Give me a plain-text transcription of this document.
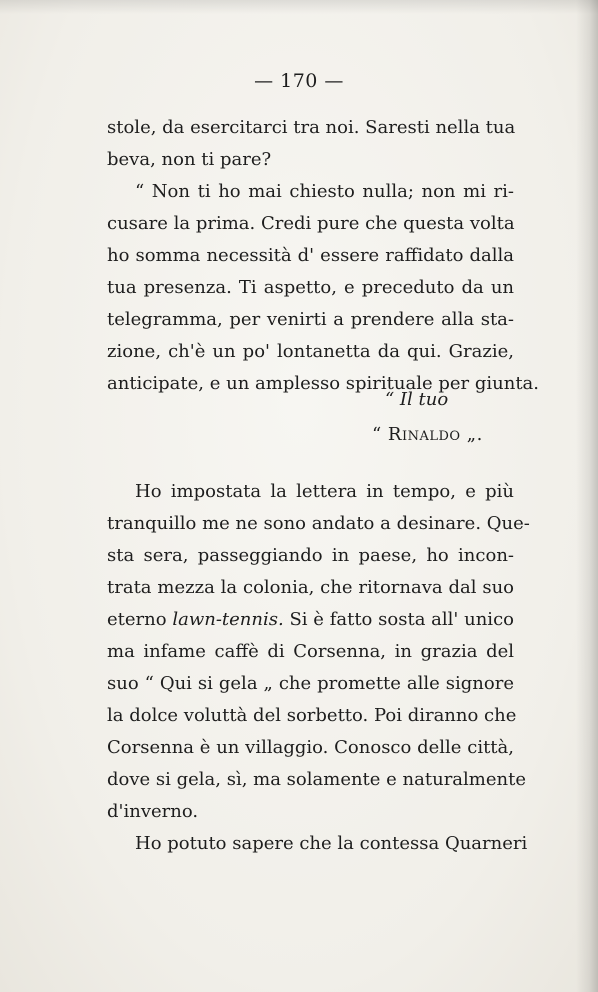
— 170 —
stole, da esercitarci tra noi. Saresti nella tua
beva, non ti pare?
“ Non ti ho mai chiesto nulla; non mi ri-
cusare la prima. Credi pure che questa volta
ho somma necessità d' essere raffidato dalla
tua presenza. Ti aspetto, e preceduto da un
telegramma, per venirti a prendere alla sta-
zione, ch'è un po' lontanetta da qui. Grazie,
anticipate, e un amplesso spirituale per giunta.
“ Il tuo
“ Rinaldo „.
Ho impostata la lettera in tempo, e più
tranquillo me ne sono andato a desinare. Que-
sta sera, passeggiando in paese, ho incon-
trata mezza la colonia, che ritornava dal suo
eterno lawn-tennis. Si è fatto sosta all' unico
ma infame caffè di Corsenna, in grazia del
suo “ Qui si gela „ che promette alle signore
la dolce voluttà del sorbetto. Poi diranno che
Corsenna è un villaggio. Conosco delle città,
dove si gela, sì, ma solamente e naturalmente
d'inverno.
Ho potuto sapere che la contessa Quarneri
